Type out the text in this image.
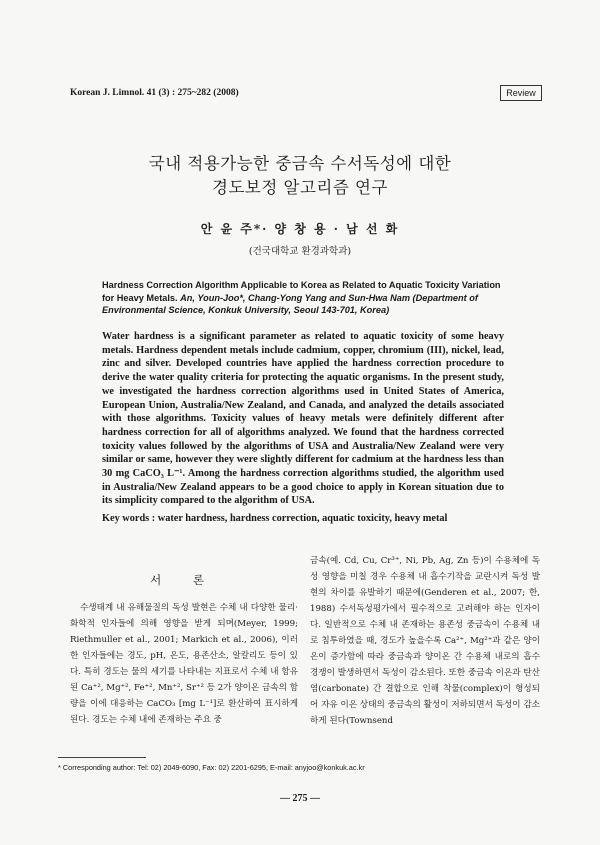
Korean J. Limnol. 41 (3) : 275~282 (2008)	Review
국내 적용가능한 중금속 수서독성에 대한
경도보정 알고리즘 연구
안 윤 주*· 양 창 용 · 남 선 화
(건국대학교 환경과학과)
Hardness Correction Algorithm Applicable to Korea as Related to Aquatic Toxicity Variation for Heavy Metals. An, Youn-Joo*, Chang-Yong Yang and Sun-Hwa Nam (Department of Environmental Science, Konkuk University, Seoul 143-701, Korea)
Water hardness is a significant parameter as related to aquatic toxicity of some heavy metals. Hardness dependent metals include cadmium, copper, chromium (III), nickel, lead, zinc and silver. Developed countries have applied the hardness correction procedure to derive the water quality criteria for protecting the aquatic organisms. In the present study, we investigated the hardness correction algorithms used in United States of America, European Union, Australia/New Zealand, and Canada, and analyzed the details associated with those algorithms. Toxicity values of heavy metals were definitely different after hardness correction for all of algorithms analyzed. We found that the hardness corrected toxicity values followed by the algorithms of USA and Australia/New Zealand were very similar or same, however they were slightly different for cadmium at the hardness less than 30 mg CaCO₃ L⁻¹. Among the hardness correction algorithms studied, the algorithm used in Australia/New Zealand appears to be a good choice to apply in Korean situation due to its simplicity compared to the algorithm of USA.
Key words : water hardness, hardness correction, aquatic toxicity, heavy metal
서 론
수생태계 내 유해물질의 독성 발현은 수체 내 다양한 물리·화학적 인자들에 의해 영향을 받게 되며(Meyer, 1999; Riethmuller et al., 2001; Markich et al., 2006), 이러한 인자들에는 경도, pH, 온도, 용존산소, 알칼리도 등이 있다. 특히 경도는 물의 세기를 나타내는 지표로서 수체 내 함유된 Ca⁺², Mg⁺², Fe⁺², Mn⁺², Sr⁺² 등 2가 양이온 금속의 함량을 이에 대응하는 CaCO₃ [mg L⁻¹]로 환산하여 표시하게 된다. 경도는 수체 내에 존재하는 주요 중
금속(예. Cd, Cu, Cr³⁺, Ni, Pb, Ag, Zn 등)이 수용체에 독성 영향을 미칠 경우 수용체 내 흡수기작을 교란시켜 독성 발현의 차이를 유발하기 때문에(Genderen et al., 2007; 한, 1988) 수서독성평가에서 필수적으로 고려해야 하는 인자이다. 일반적으로 수체 내 존재하는 용존성 중금속이 수용체 내로 침투하였을 때, 경도가 높을수록 Ca²⁺, Mg²⁺과 같은 양이온이 증가함에 따라 중금속과 양이온 간 수용체 내로의 흡수 경쟁이 발생하면서 독성이 감소된다. 또한 중금속 이온과 탄산염(carbonate) 간 결합으로 인해 착물(complex)이 형성되어 자유 이온 상태의 중금속의 활성이 저하되면서 독성이 감소하게 된다(Townsend
* Corresponding author: Tel: 02) 2049-6090, Fax: 02) 2201-6295, E-mail: anyjoo@konkuk.ac.kr
— 275 —
